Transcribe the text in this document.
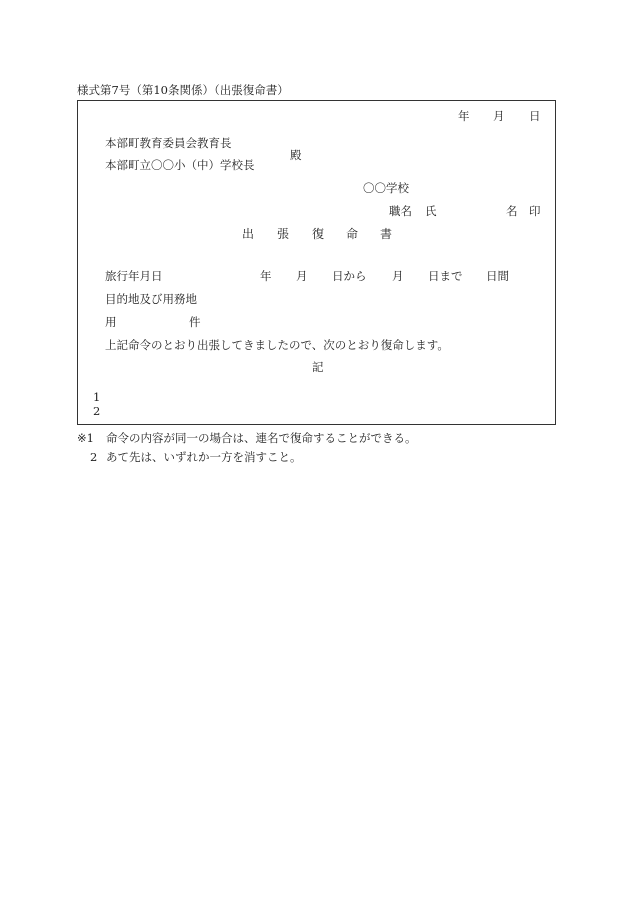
様式第7号（第10条関係）（出張復命書）
年 月 日
本部町教育委員会教育長
殿
本部町立〇〇小（中）学校長
〇〇学校
職名 氏	名 印
出 張 復 命 書
旅行年月日	年 月 日から 月 日まで 日間
目的地及び用務地
用	件
上記命令のとおり出張してきましたので、次のとおり復命します。
記
1
2
※1 命令の内容が同一の場合は、連名で復命することができる。
2 あて先は、いずれか一方を消すこと。
